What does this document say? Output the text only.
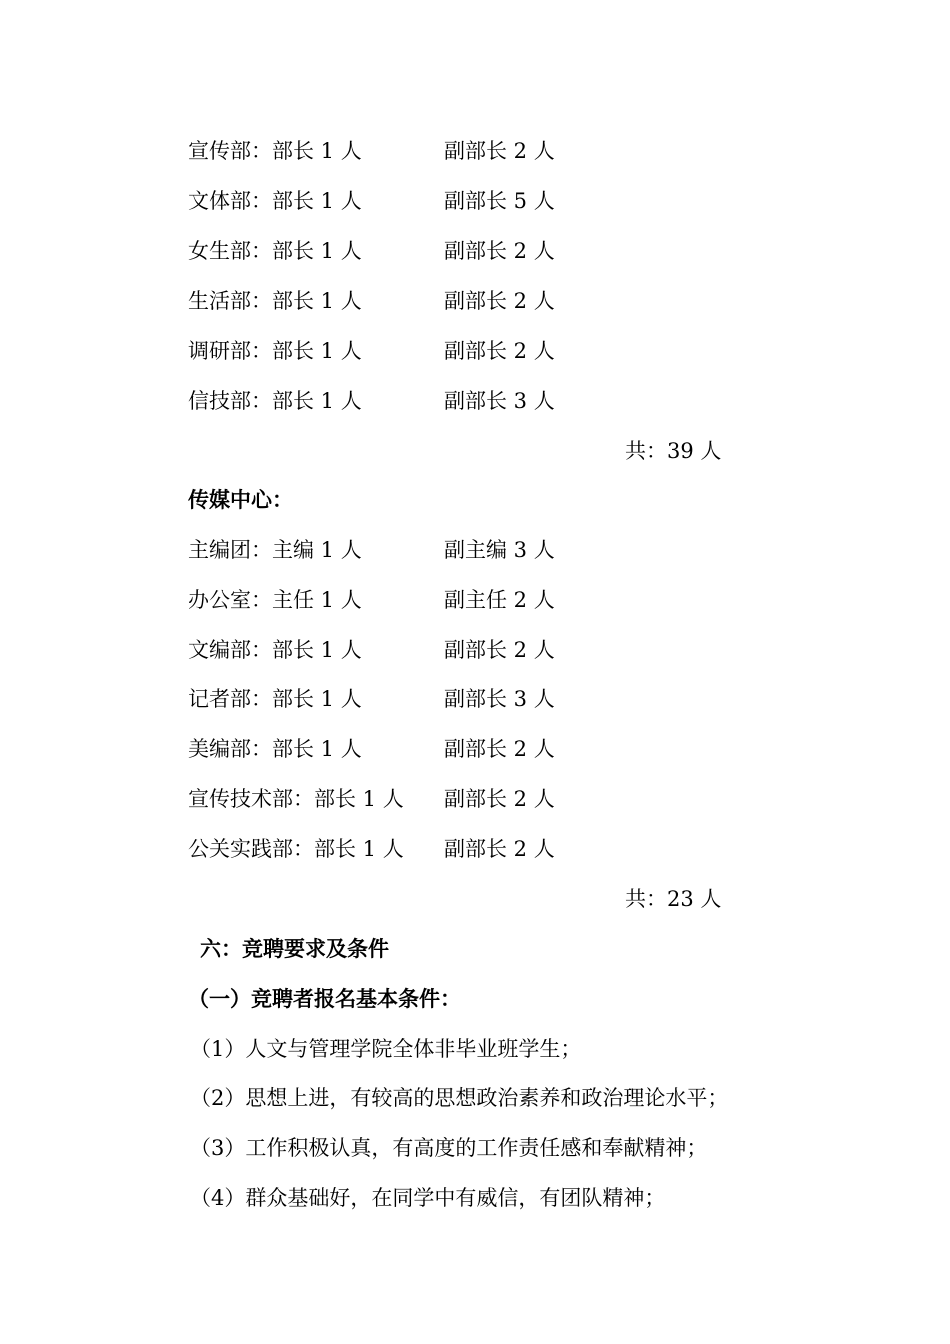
宣传部：部长 1 人	副部长 2 人
文体部：部长 1 人	副部长 5 人
女生部：部长 1 人	副部长 2 人
生活部：部长 1 人	副部长 2 人
调研部：部长 1 人	副部长 2 人
信技部：部长 1 人	副部长 3 人
共：39 人
传媒中心：
主编团：主编 1 人	副主编 3 人
办公室：主任 1 人	副主任 2 人
文编部：部长 1 人	副部长 2 人
记者部：部长 1 人	副部长 3 人
美编部：部长 1 人	副部长 2 人
宣传技术部：部长 1 人 副部长 2 人
公关实践部：部长 1 人 副部长 2 人
共：23 人
六：竞聘要求及条件
（一）竞聘者报名基本条件：
（1）人文与管理学院全体非毕业班学生；
（2）思想上进，有较高的思想政治素养和政治理论水平；
（3）工作积极认真，有高度的工作责任感和奉献精神；
（4）群众基础好，在同学中有威信，有团队精神；
